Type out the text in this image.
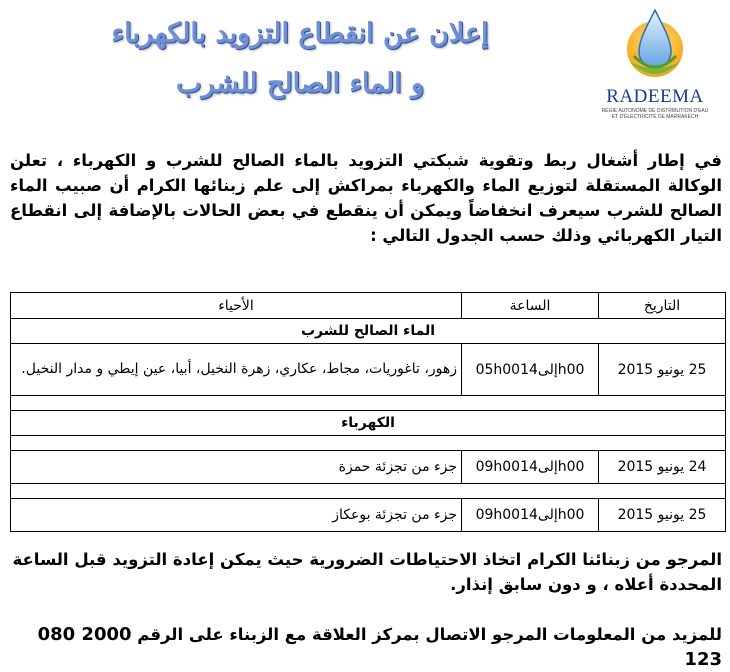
RADEEMA
RÉGIE AUTONOME DE DISTRIBUTION D'EAU
ET D'ÉLECTRICITÉ DE MARRAKECH
إعلان عن انقطاع التزويد بالكهرباء
و الماء الصالح للشرب
في إطار أشغال ربط وتقوية شبكتي التزويد بالماء الصالح للشرب و الكهرباء ، تعلن الوكالة المستقلة لتوزيع الماء والكهرباء بمراكش إلى علم زبنائها الكرام أن صبيب الماء الصالح للشرب سيعرف انخفاضاً ويمكن أن ينقطع في بعض الحالات بالإضافة إلى انقطاع التيار الكهربائي وذلك حسب الجدول التالي :
التاريخ	الساعة	الأحياء
الماء الصالح للشرب		
25 يونيو 2015	05h00إلى14h00	زهور، تاغوريات، مجاط، عكاري، زهرة النخيل، أبيا، عين إيطي و مدار النخيل.

الكهرباء		

24 يونيو 2015	09h00إلى14h00	جزء من تجزئة حمزة

25 يونيو 2015	09h00إلى14h00	جزء من تجزئة بوعكاز
المرجو من زبنائنا الكرام اتخاذ الاحتياطات الضرورية حيث يمكن إعادة التزويد قبل الساعة المحددة أعلاه ، و دون سابق إنذار.
للمزيد من المعلومات المرجو الاتصال بمركز العلاقة مع الزبناء على الرقم 080 2000 123
